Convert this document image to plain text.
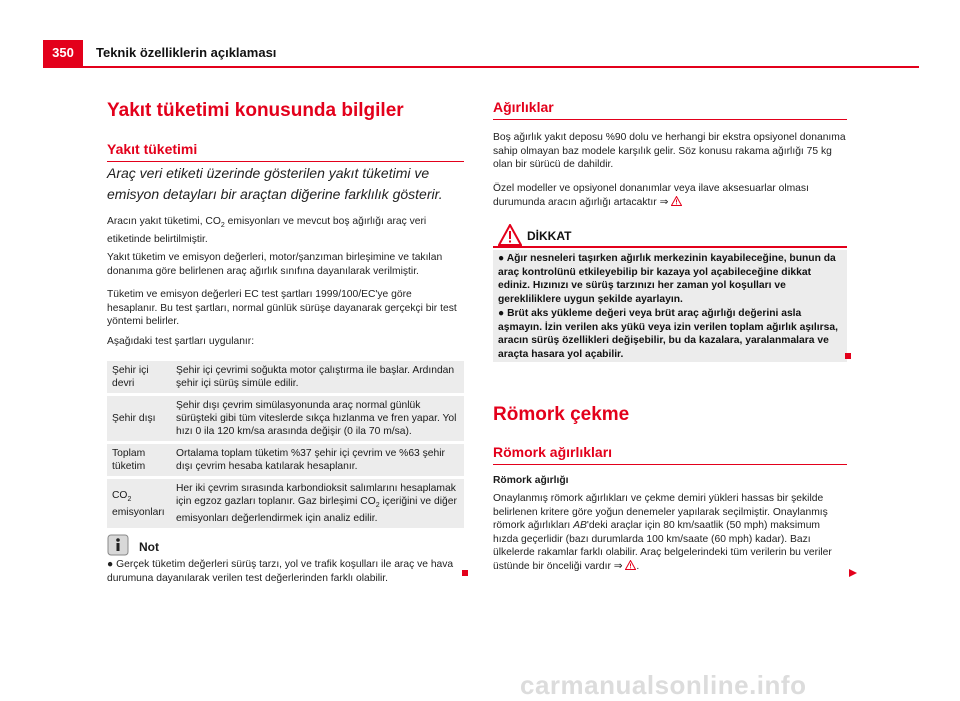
350	Teknik özelliklerin açıklaması
Yakıt tüketimi konusunda bilgiler
Yakıt tüketimi
Araç veri etiketi üzerinde gösterilen yakıt tüketimi ve emisyon detayları bir araçtan diğerine farklılık gösterir.

Aracın yakıt tüketimi, $CO_2$ emisyonları ve mevcut boş ağırlığı araç veri etiketinde belirtilmiştir.

Yakıt tüketim ve emisyon değerleri, motor/şanzıman birleşimine ve takılan donanıma göre belirlenen araç ağırlık sınıfına dayanılarak verilmiştir.

Tüketim ve emisyon değerleri EC test şartları 1999/100/EC'ye göre hesaplanır. Bu test şartları, normal günlük sürüşe dayanarak gerçekçi bir test yöntemi belirler.

Aşağıdaki test şartları uygulanır:

Şehir içi devri	Şehir içi çevrimi soğukta motor çalıştırma ile başlar. Ardından şehir içi sürüş simüle edilir.
Şehir dışı	Şehir dışı çevrim simülasyonunda araç normal günlük sürüşteki gibi tüm viteslerde sıkça hızlanma ve fren yapar. Yol hızı 0 ila 120 km/sa arasında değişir (0 ila 70 m/sa).
Toplam tüketim	Ortalama toplam tüketim %37 şehir içi çevrim ve %63 şehir dışı çevrim hesaba katılarak hesaplanır.
$CO_2$ emisyonları	Her iki çevrim sırasında karbondioksit salımlarını hesaplamak için egzoz gazları toplanır. Gaz birleşimi $CO_2$ içeriğini ve diğer emisyonları değerlendirmek için analiz edilir.
Not
● Gerçek tüketim değerleri sürüş tarzı, yol ve trafik koşulları ile araç ve hava durumuna dayanılarak verilen test değerlerinden farklı olabilir.
Ağırlıklar

Boş ağırlık yakıt deposu %90 dolu ve herhangi bir ekstra opsiyonel donanıma sahip olmayan baz modele karşılık gelir. Söz konusu rakama ağırlığı 75 kg olan bir sürücü de dahildir.

Özel modeller ve opsiyonel donanımlar veya ilave aksesuarlar olması durumunda aracın ağırlığı artacaktır ⇒

DİKKAT
● Ağır nesneleri taşırken ağırlık merkezinin kayabileceğine, bunun da araç kontrolünü etkileyebilip bir kazaya yol açabileceğine dikkat ediniz. Hızınızı ve sürüş tarzınızı her zaman yol koşulları ve gerekliliklere uygun şekilde ayarlayın.
● Brüt aks yükleme değeri veya brüt araç ağırlığı değerini asla aşmayın. İzin verilen aks yükü veya izin verilen toplam ağırlık aşılırsa, aracın sürüş özellikleri değişebilir, bu da kazalara, yaralanmalara ve araçta hasara yol açabilir.
Römork çekme
Römork ağırlıkları
Römork ağırlığı

Onaylanmış römork ağırlıkları ve çekme demiri yükleri hassas bir şekilde belirlenen kritere göre yoğun denemeler yapılarak seçilmiştir. Onaylanmış römork ağırlıkları AB'deki araçlar için 80 km/saatlik (50 mph) maksimum hızda geçerlidir (bazı durumlarda 100 km/saate (60 mph) kadar). Bazı ülkelerde rakamlar farklı olabilir. Araç belgelerindeki tüm verilerin bu veriler üstünde bir önceliği vardır ⇒ .

carmanualsonline.info
